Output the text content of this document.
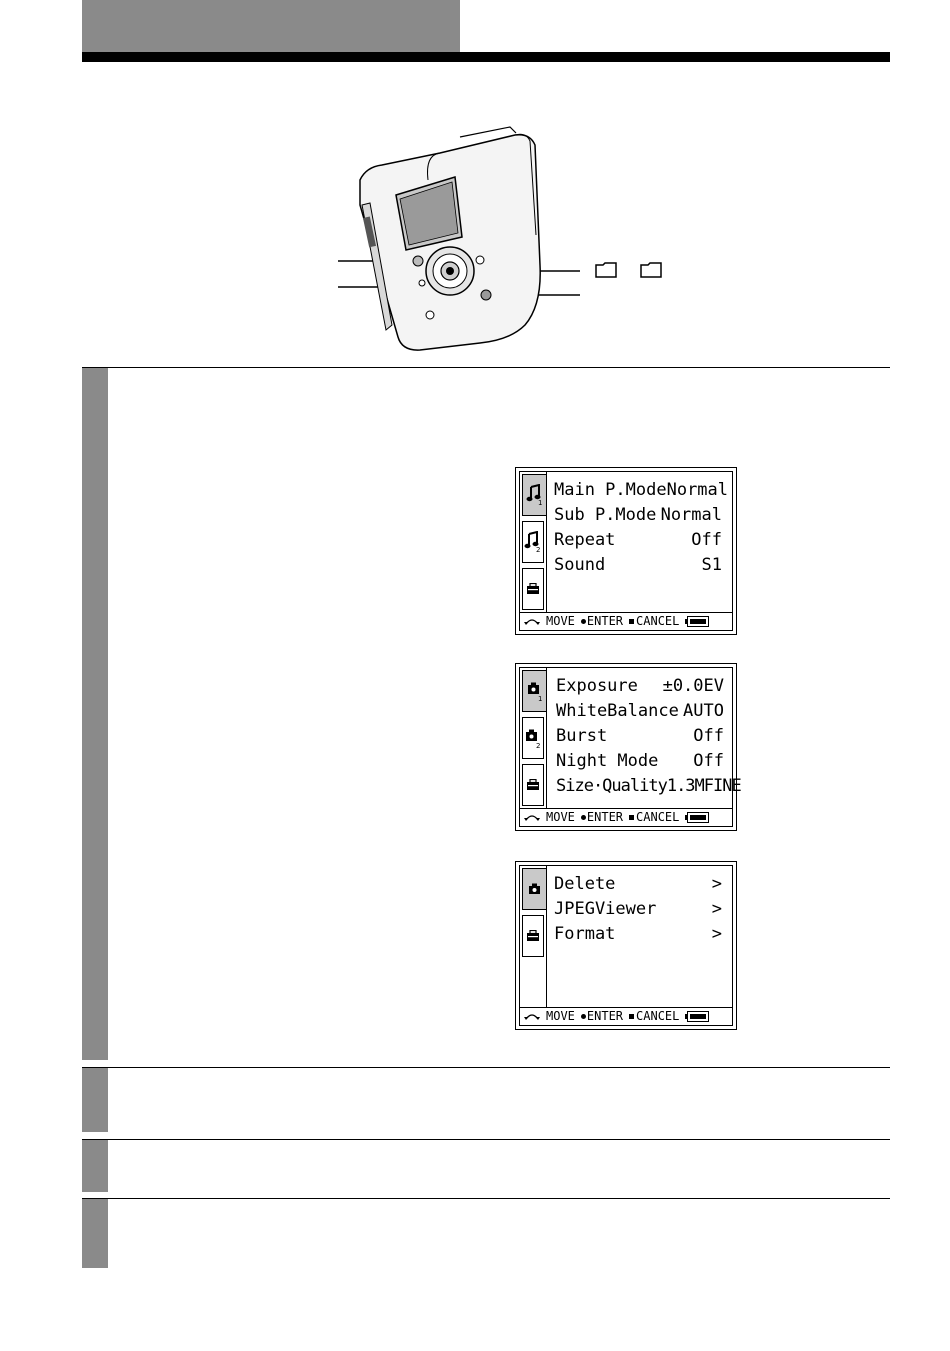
1
2
Main P.Mode Normal
Sub P.Mode Normal
Repeat	Off
Sound	S1
MOVE	ENTER	CANCEL
1
2
Exposure ±0.0EV
WhiteBalance AUTO
Burst	Off
Night Mode Off
Size·Quality 1.3MFINE
MOVE	ENTER	CANCEL
Delete	>
JPEGViewer	>
Format	>
MOVE	ENTER	CANCEL
